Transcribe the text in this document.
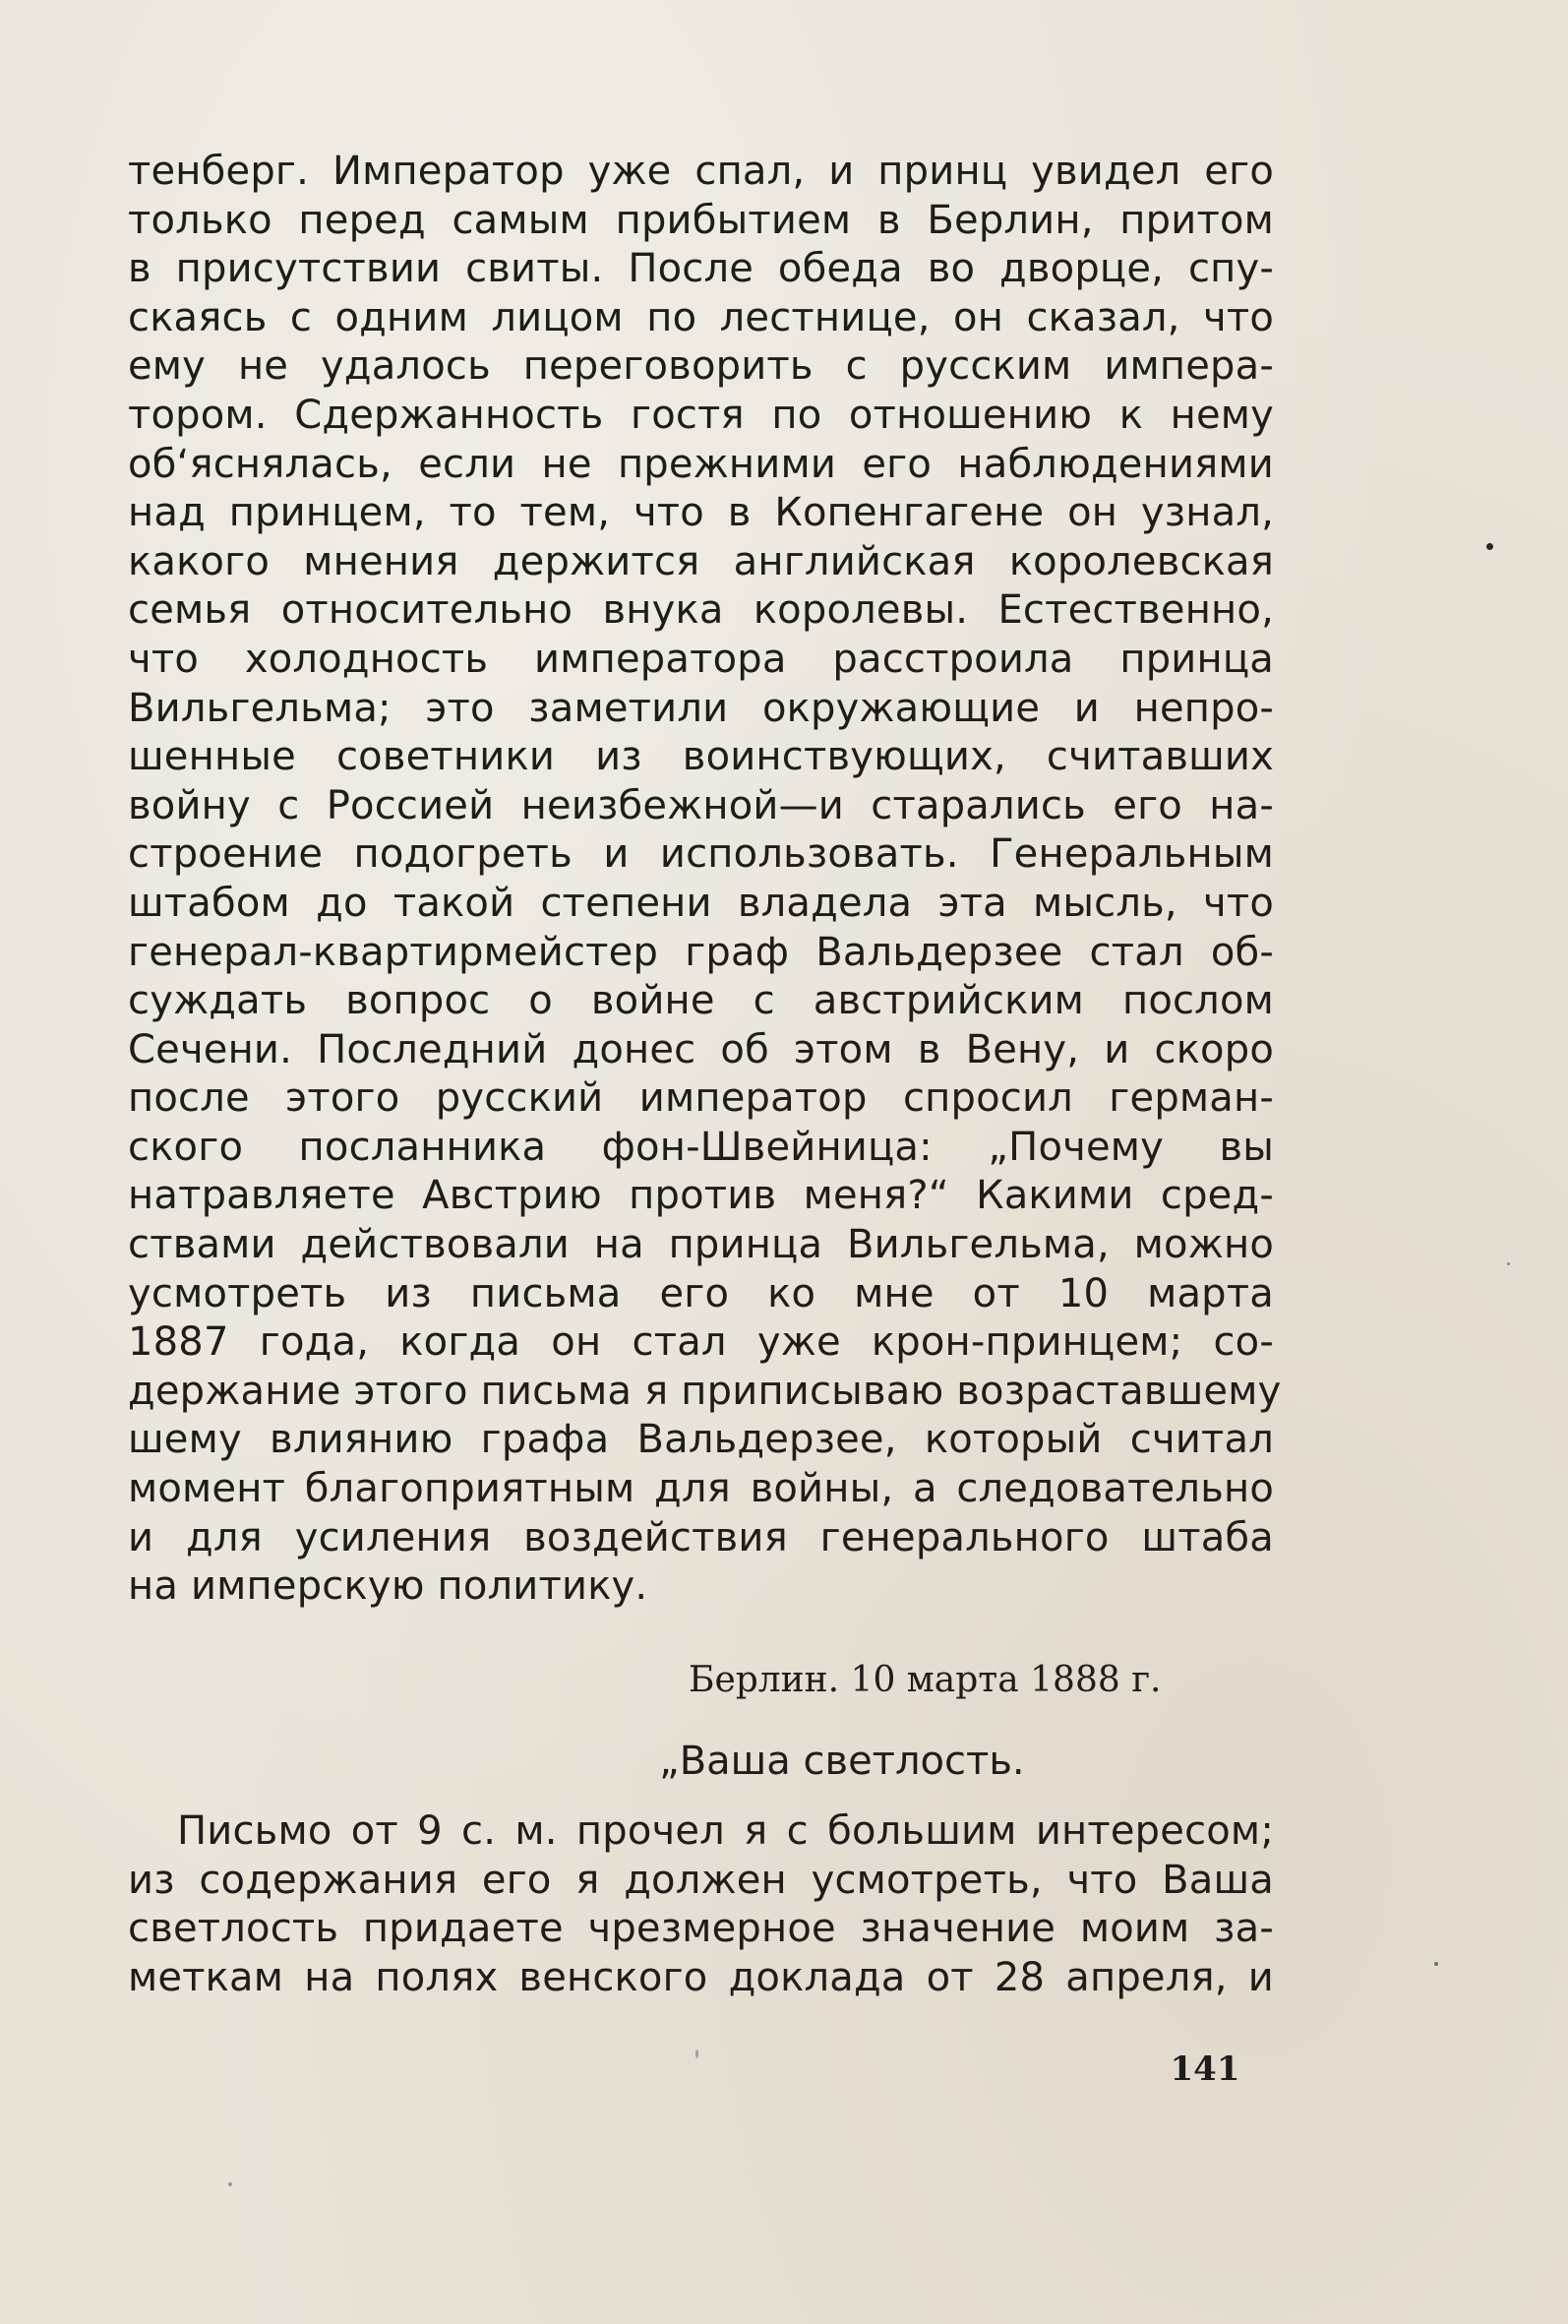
тенберг. Император уже спал, и принц увидел его
только перед самым прибытием в Берлин, притом
в присутствии свиты. После обеда во дворце, спу-
скаясь с одним лицом по лестнице, он сказал, что
ему не удалось переговорить с русским импера-
тором. Сдержанность гостя по отношению к нему
об‘яснялась, если не прежними его наблюдениями
над принцем, то тем, что в Копенгагене он узнал,
какого мнения держится английская королевская
семья относительно внука королевы. Естественно,
что холодность императора расстроила принца
Вильгельма; это заметили окружающие и непро-
шенные советники из воинствующих, считавших
войну с Россией неизбежной—и старались его на-
строение подогреть и использовать. Генеральным
штабом до такой степени владела эта мысль, что
генерал-квартирмейстер граф Вальдерзее стал об-
суждать вопрос о войне с австрийским послом
Сечени. Последний донес об этом в Вену, и скоро
после этого русский император спросил герман-
ского посланника фон-Швейница: „Почему вы
натравляете Австрию против меня?“ Какими сред-
ствами действовали на принца Вильгельма, можно
усмотреть из письма его ко мне от 10 марта
1887 года, когда он стал уже крон-принцем; со-
держание этого письма я приписываю возраставшему
шему влиянию графа Вальдерзее, который считал
момент благоприятным для войны, а следовательно
и для усиления воздействия генерального штаба
на имперскую политику.
Берлин. 10 марта 1888 г.
„Ваша светлость.
Письмо от 9 с. м. прочел я с большим интересом;
из содержания его я должен усмотреть, что Ваша
светлость придаете чрезмерное значение моим за-
меткам на полях венского доклада от 28 апреля, и
141
